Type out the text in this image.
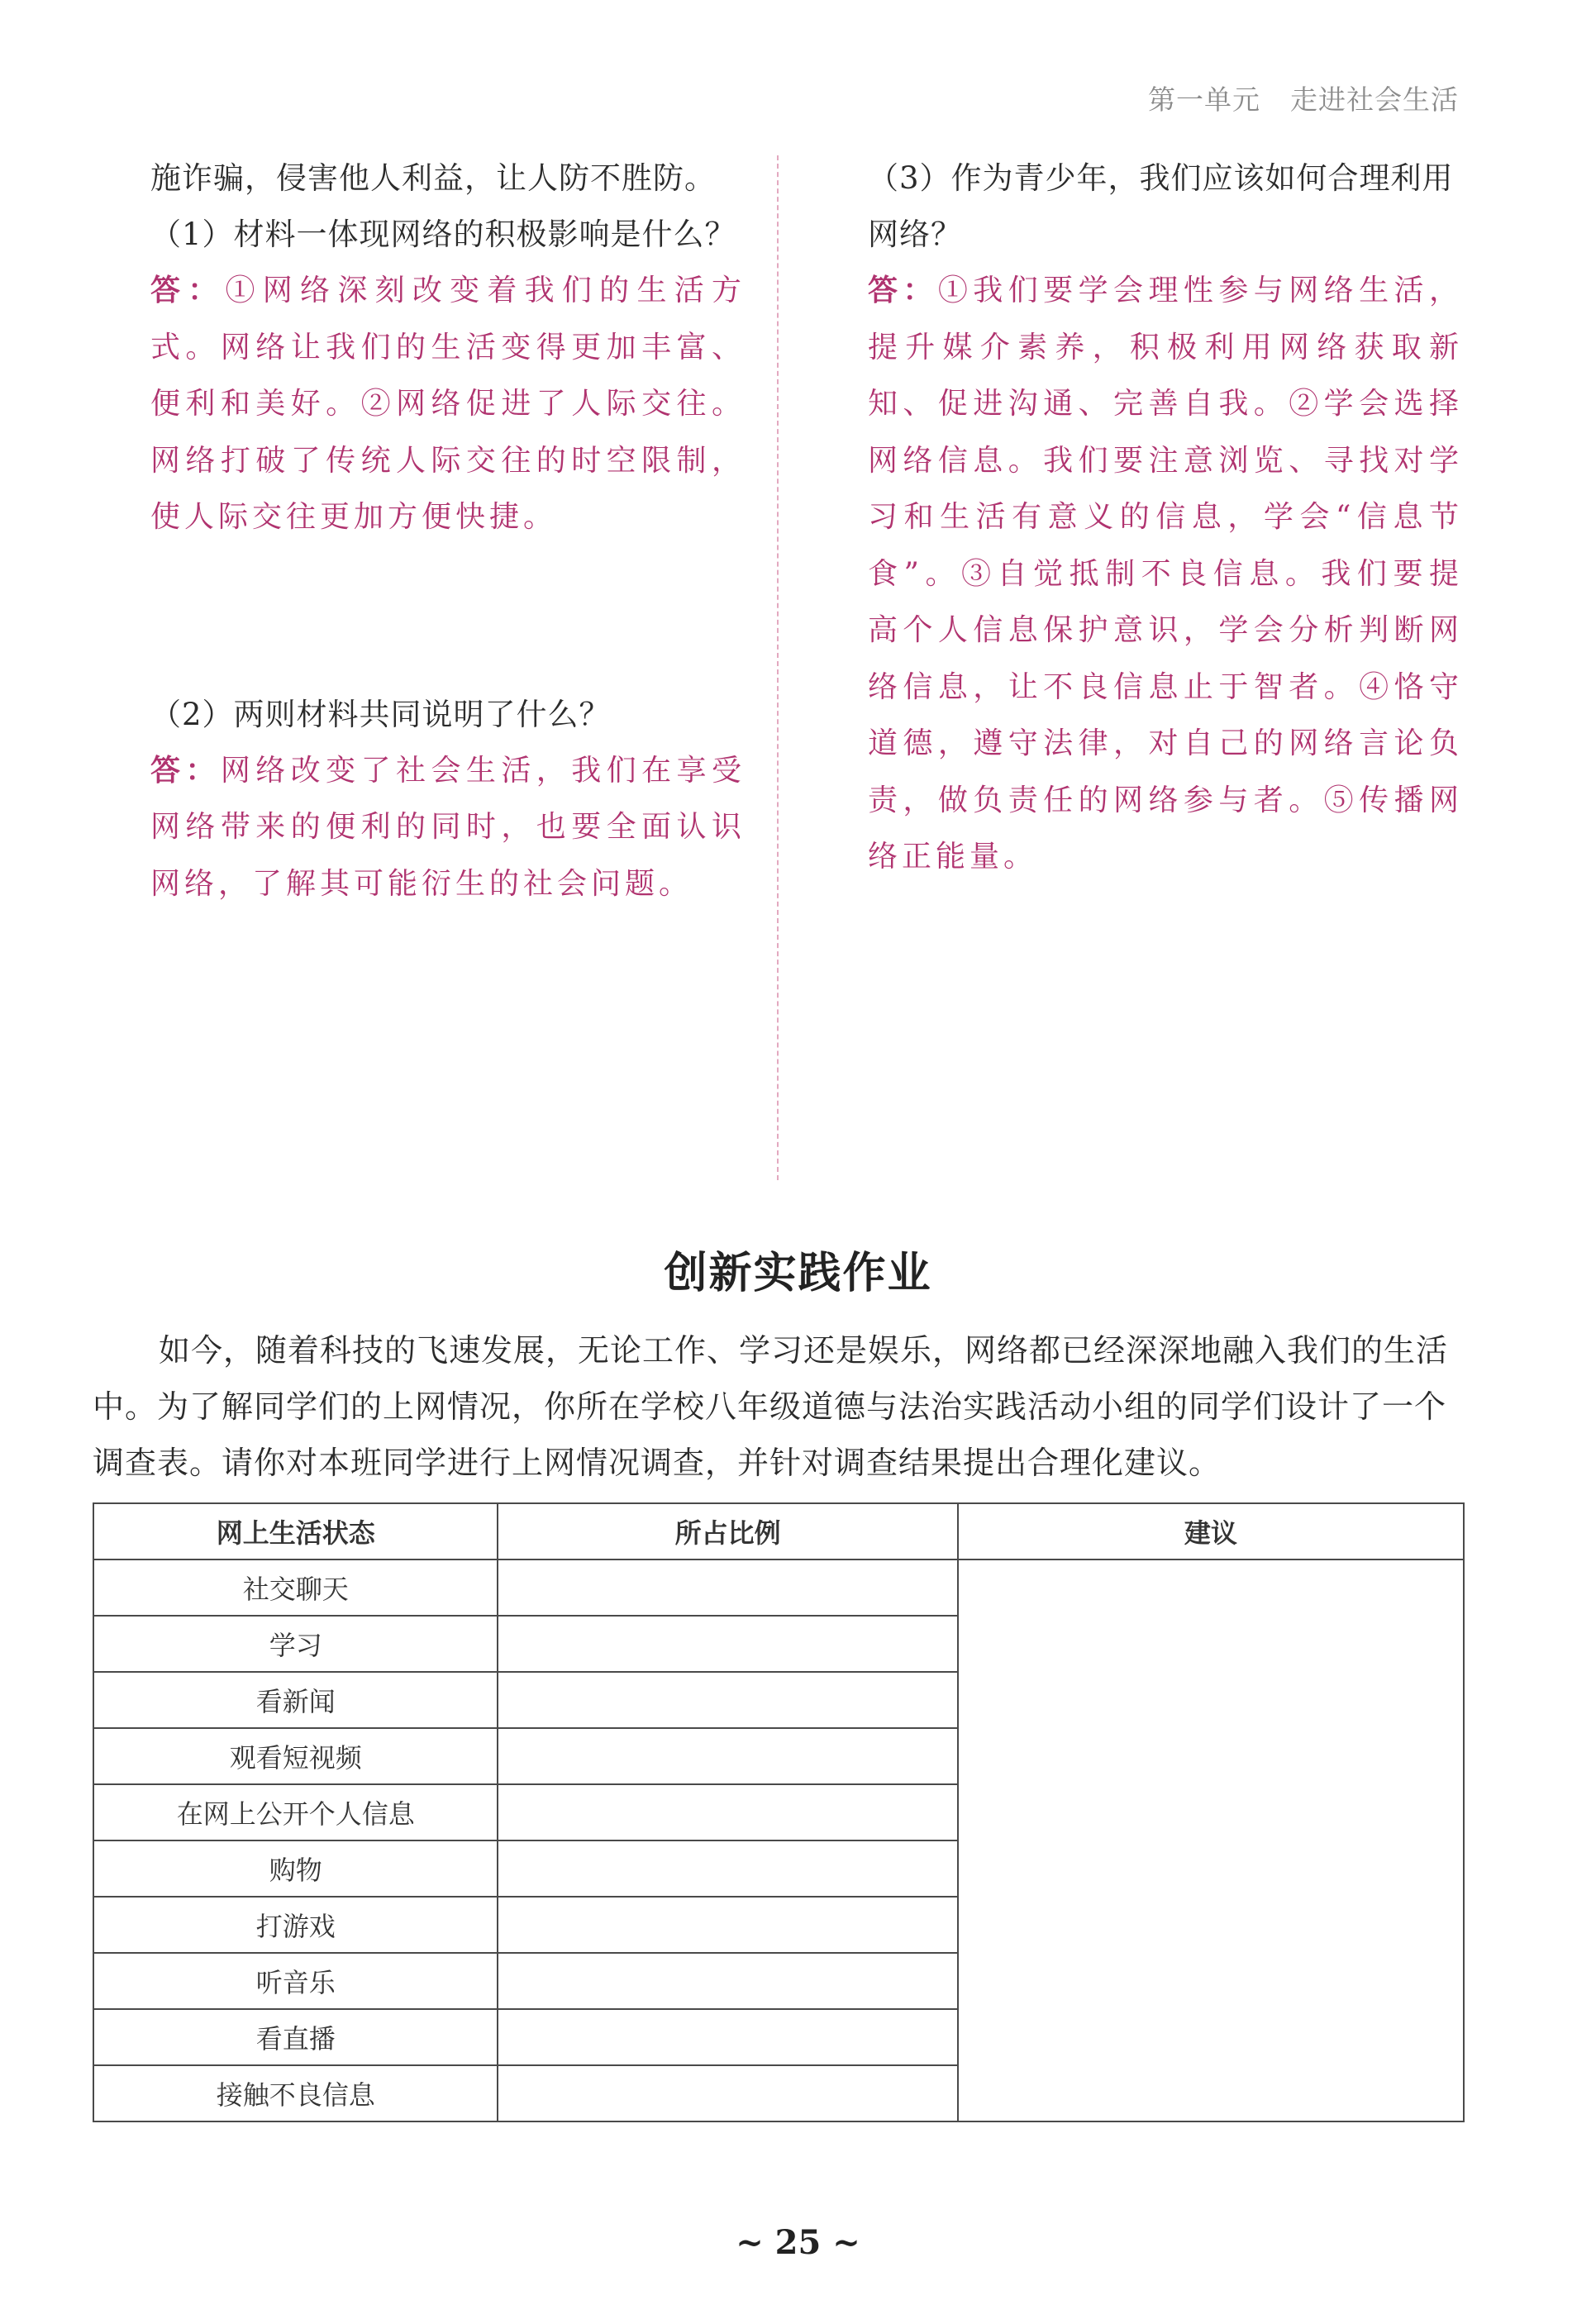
第一单元 走进社会生活
施诈骗，侵害他人利益，让人防不胜防。
（1）材料一体现网络的积极影响是什么？
答：①网络深刻改变着我们的生活方式。网络让我们的生活变得更加丰富、便利和美好。②网络促进了人际交往。网络打破了传统人际交往的时空限制，使人际交往更加方便快捷。
（2）两则材料共同说明了什么？
答：网络改变了社会生活，我们在享受网络带来的便利的同时，也要全面认识网络，了解其可能衍生的社会问题。
（3）作为青少年，我们应该如何合理利用网络？
答：①我们要学会理性参与网络生活，提升媒介素养，积极利用网络获取新知、促进沟通、完善自我。②学会选择网络信息。我们要注意浏览、寻找对学习和生活有意义的信息，学会“信息节食”。③自觉抵制不良信息。我们要提高个人信息保护意识，学会分析判断网络信息，让不良信息止于智者。④恪守道德，遵守法律，对自己的网络言论负责，做负责任的网络参与者。⑤传播网络正能量。
创新实践作业

如今，随着科技的飞速发展，无论工作、学习还是娱乐，网络都已经深深地融入我们的生活中。为了解同学们的上网情况，你所在学校八年级道德与法治实践活动小组的同学们设计了一个调查表。请你对本班同学进行上网情况调查，并针对调查结果提出合理化建议。

网上生活状态	所占比例	建议
社交聊天		
学习		
看新闻		
观看短视频		
在网上公开个人信息		
购物		
打游戏		
听音乐		
看直播		
接触不良信息		
~ 25 ~
